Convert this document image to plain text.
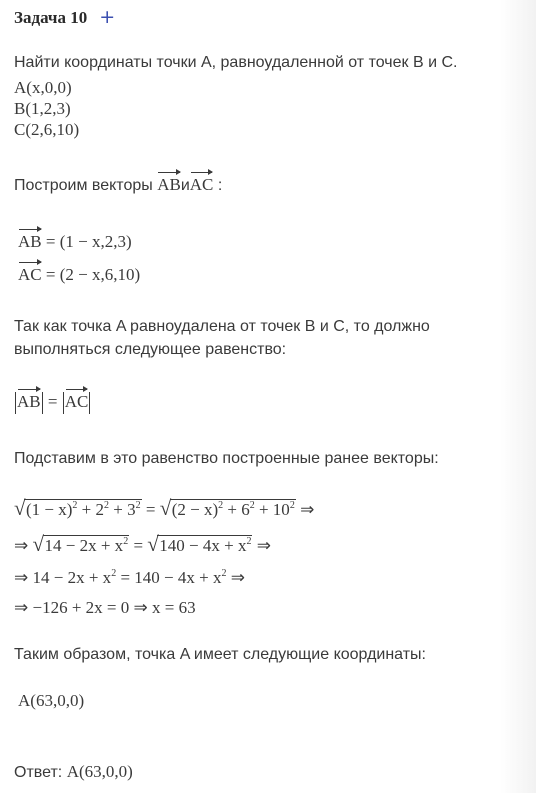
Задача 10 +
Найти координаты точки A, равноудаленной от точек B и C.
A(x,0,0)
B(1,2,3)
C(2,6,10)
Построим векторы ABиAC :
AB = (1 − x,2,3)
AC = (2 − x,6,10)
Так как точка A равноудалена от точек B и C, то должно
выполняться следующее равенство:
AB = AC
Подставим в это равенство построенные ранее векторы:
√ $(1 - x)^2 + 2^2 + 3^2$ = √ $(2 - x)^2 + 6^2 + 10^2$ ⇒
⇒ √ $14 - 2x + x^2$ = √ $140 - 4x + x^2$ ⇒
⇒ $14 - 2x + x^2 = 140 - 4x + x^2$ ⇒
⇒ −126 + 2x = 0 ⇒ x = 63
Таким образом, точка A имеет следующие координаты:
A(63,0,0)
Ответ: A(63,0,0)
